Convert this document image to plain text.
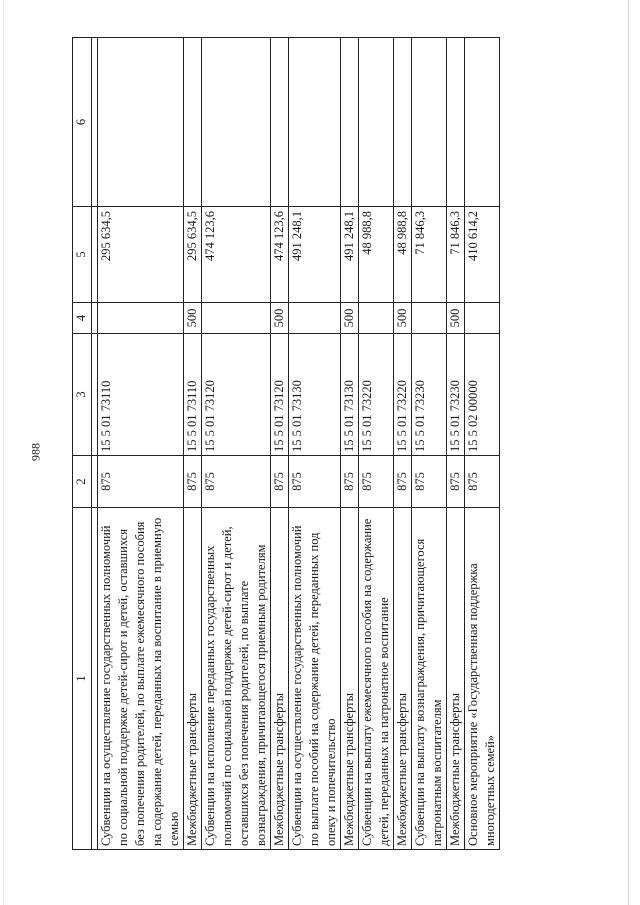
988
1	2	3	4	5	6

Субвенции на осуществление государственных полномочий по социальной поддержке детей-сирот и детей, оставшихся без попечения родителей, по выплате ежемесячного пособия на содержание детей, переданных на воспитание в приемную семью	875	15 5 01 73110		295 634,5	
Межбюджетные трансферты	875	15 5 01 73110	500	295 634,5	
Субвенции на исполнение переданных государственных полномочий по социальной поддержке детей-сирот и детей, оставшихся без попечения родителей, по выплате вознаграждения, причитающегося приемным родителям	875	15 5 01 73120		474 123,6	
Межбюджетные трансферты	875	15 5 01 73120	500	474 123,6	
Субвенции на осуществление государственных полномочий по выплате пособий на содержание детей, переданных под опеку и попечительство	875	15 5 01 73130		491 248,1	
Межбюджетные трансферты	875	15 5 01 73130	500	491 248,1	
Субвенции на выплату ежемесячного пособия на содержание детей, переданных на патронатное воспитание	875	15 5 01 73220		48 988,8	
Межбюджетные трансферты	875	15 5 01 73220	500	48 988,8	
Субвенции на выплату вознаграждения, причитающегося патронатным воспитателям	875	15 5 01 73230		71 846,3	
Межбюджетные трансферты	875	15 5 01 73230	500	71 846,3	
Основное мероприятие «Государственная поддержка многодетных семей»	875	15 5 02 00000		410 614,2	
